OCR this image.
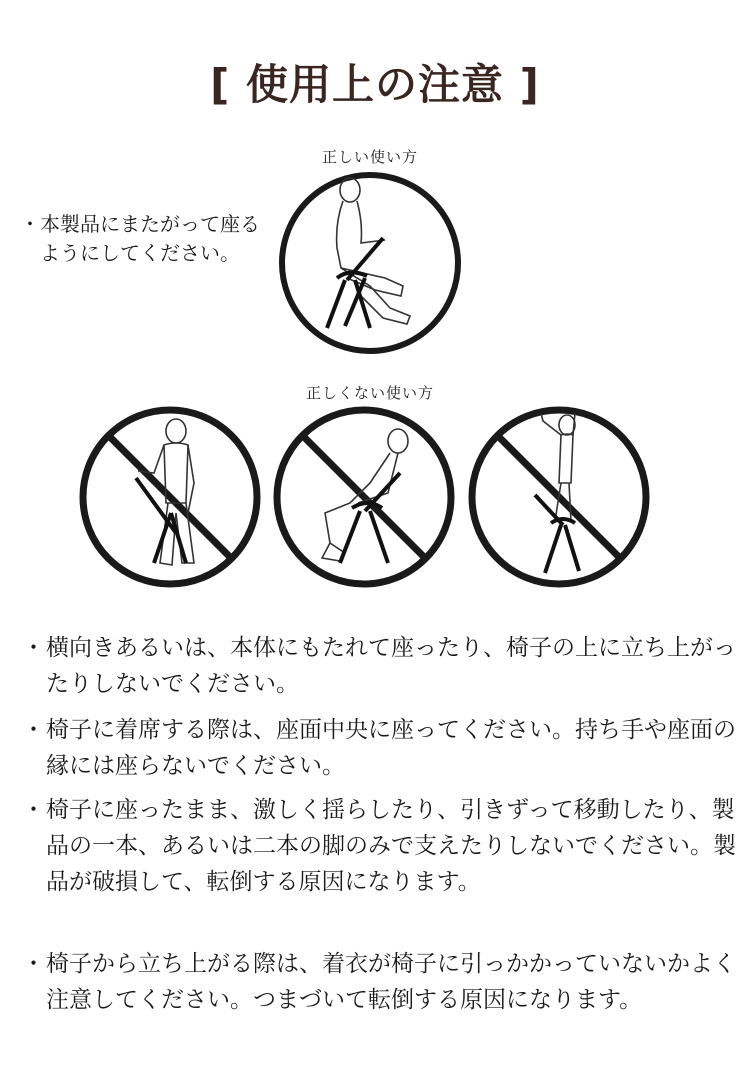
[ 使用上の注意 ]
正しい使い方
・ 本製品にまたがって座るようにしてください。
正しくない使い方
・ 横向きあるいは、本体にもたれて座ったり、椅子の上に立ち上がったりしないでください。
・ 椅子に着席する際は、座面中央に座ってください。持ち手や座面の縁には座らないでください。
・ 椅子に座ったまま、激しく揺らしたり、引きずって移動したり、製品の一本、あるいは二本の脚のみで支えたりしないでください。製品が破損して、転倒する原因になります。
・ 椅子から立ち上がる際は、着衣が椅子に引っかかっていないかよく注意してください。つまづいて転倒する原因になります。
